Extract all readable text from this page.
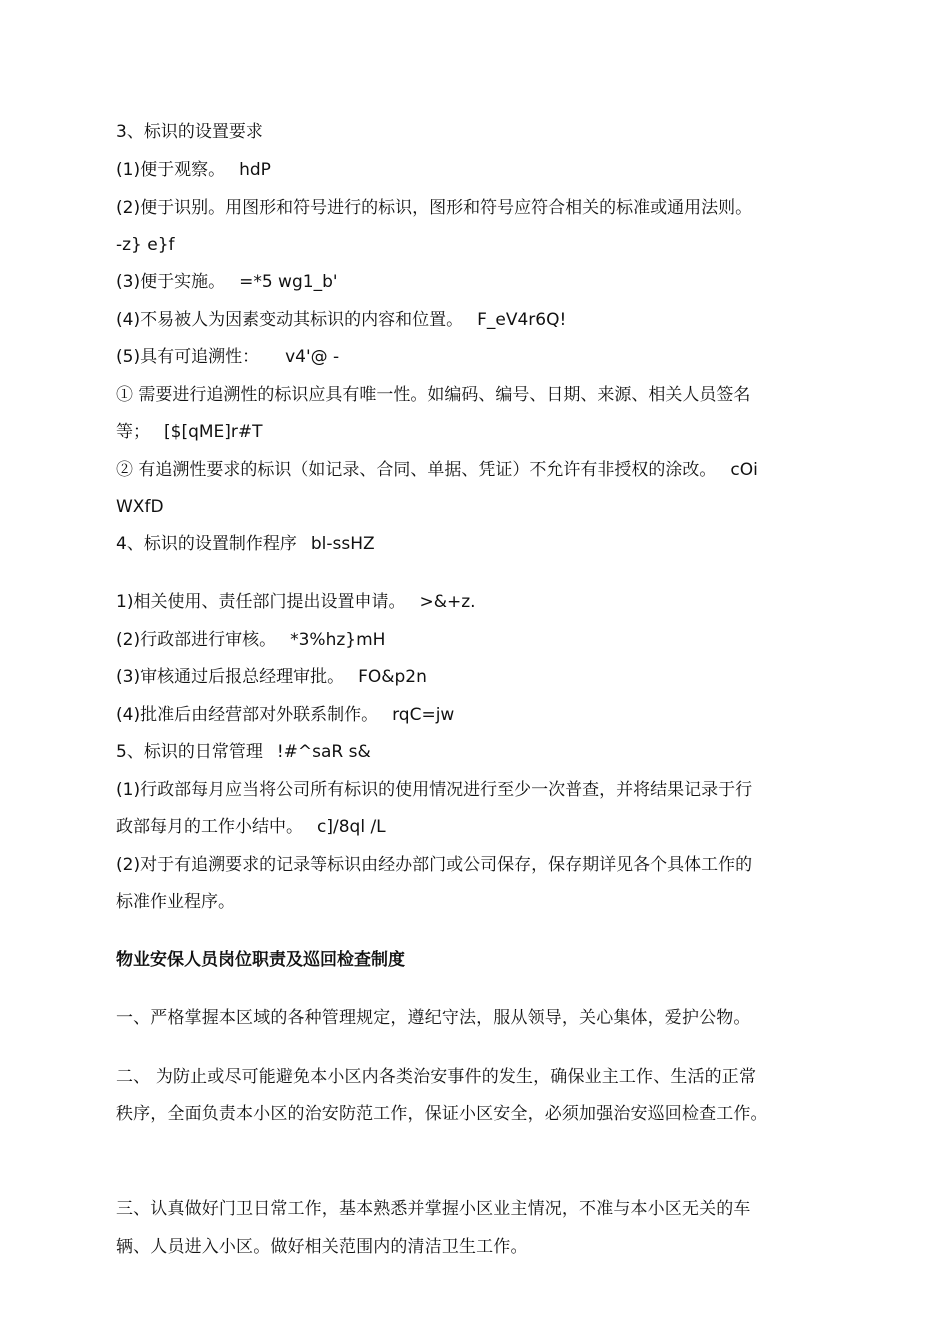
3、标识的设置要求
(1)便于观察。 hdP
(2)便于识别。用图形和符号进行的标识，图形和符号应符合相关的标准或通用法则。
-z} e}f
(3)便于实施。 =*5 wg1_b'
(4)不易被人为因素变动其标识的内容和位置。 F_eV4r6Q!
(5)具有可追溯性： v4'@ -
① 需要进行追溯性的标识应具有唯一性。如编码、编号、日期、来源、相关人员签名
等； [$[qME]r#T
② 有追溯性要求的标识（如记录、合同、单据、凭证）不允许有非授权的涂改。 cOi
WXfD
4、标识的设置制作程序 bl-ssHZ
1)相关使用、责任部门提出设置申请。 >&+z.
(2)行政部进行审核。 *3%hz}mH
(3)审核通过后报总经理审批。 FO&p2n
(4)批准后由经营部对外联系制作。 rqC=jw
5、标识的日常管理 !#^saR s&
(1)行政部每月应当将公司所有标识的使用情况进行至少一次普查，并将结果记录于行
政部每月的工作小结中。 c]/8ql /L
(2)对于有追溯要求的记录等标识由经办部门或公司保存，保存期详见各个具体工作的
标准作业程序。
物业安保人员岗位职责及巡回检查制度
一、严格掌握本区域的各种管理规定，遵纪守法，服从领导，关心集体，爱护公物。
二、 为防止或尽可能避免本小区内各类治安事件的发生，确保业主工作、生活的正常
秩序，全面负责本小区的治安防范工作，保证小区安全，必须加强治安巡回检查工作。
三、认真做好门卫日常工作，基本熟悉并掌握小区业主情况，不准与本小区无关的车
辆、人员进入小区。做好相关范围内的清洁卫生工作。
